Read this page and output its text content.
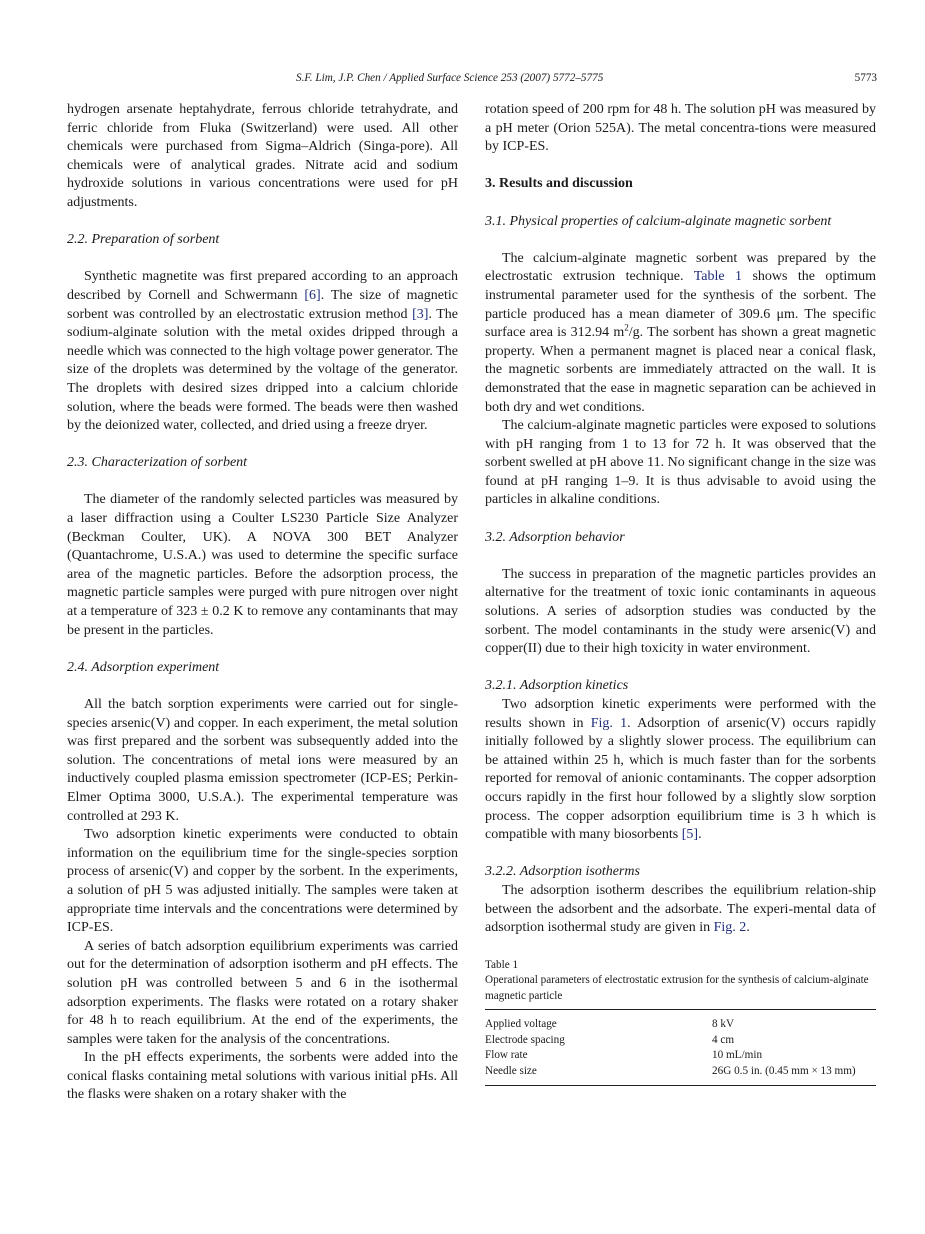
S.F. Lim, J.P. Chen / Applied Surface Science 253 (2007) 5772–5775	5773

hydrogen arsenate heptahydrate, ferrous chloride tetrahydrate, and ferric chloride from Fluka (Switzerland) were used. All other chemicals were purchased from Sigma–Aldrich (Singa-pore). All chemicals were of analytical grades. Nitrate acid and sodium hydroxide solutions in various concentrations were used for pH adjustments.

2.2. Preparation of sorbent

Synthetic magnetite was first prepared according to an approach described by Cornell and Schwermann [6]. The size of magnetic sorbent was controlled by an electrostatic extrusion method [3]. The sodium-alginate solution with the metal oxides dripped through a needle which was connected to the high voltage power generator. The size of the droplets was determined by the voltage of the generator. The droplets with desired sizes dripped into a calcium chloride solution, where the beads were formed. The beads were then washed by the deionized water, collected, and dried using a freeze dryer.

2.3. Characterization of sorbent

The diameter of the randomly selected particles was measured by a laser diffraction using a Coulter LS230 Particle Size Analyzer (Beckman Coulter, UK). A NOVA 300 BET Analyzer (Quantachrome, U.S.A.) was used to determine the specific surface area of the magnetic particles. Before the adsorption process, the magnetic particle samples were purged with pure nitrogen over night at a temperature of 323 ± 0.2 K to remove any contaminants that may be present in the particles.

2.4. Adsorption experiment

All the batch sorption experiments were carried out for single-species arsenic(V) and copper. In each experiment, the metal solution was first prepared and the sorbent was subsequently added into the solution. The concentrations of metal ions were measured by an inductively coupled plasma emission spectrometer (ICP-ES; Perkin-Elmer Optima 3000, U.S.A.). The experimental temperature was controlled at 293 K.

Two adsorption kinetic experiments were conducted to obtain information on the equilibrium time for the single-species sorption process of arsenic(V) and copper by the sorbent. In the experiments, a solution of pH 5 was adjusted initially. The samples were taken at appropriate time intervals and the concentrations were determined by ICP-ES.

A series of batch adsorption equilibrium experiments was carried out for the determination of adsorption isotherm and pH effects. The solution pH was controlled between 5 and 6 in the isothermal adsorption experiments. The flasks were rotated on a rotary shaker for 48 h to reach equilibrium. At the end of the experiments, the samples were taken for the analysis of the concentrations.

In the pH effects experiments, the sorbents were added into the conical flasks containing metal solutions with various initial pHs. All the flasks were shaken on a rotary shaker with the

rotation speed of 200 rpm for 48 h. The solution pH was measured by a pH meter (Orion 525A). The metal concentra-tions were measured by ICP-ES.

3. Results and discussion
3.1. Physical properties of calcium-alginate magnetic sorbent

The calcium-alginate magnetic sorbent was prepared by the electrostatic extrusion technique. Table 1 shows the optimum instrumental parameter used for the synthesis of the sorbent. The particle produced has a mean diameter of 309.6 μm. The specific surface area is 312.94 $m^2/g$. The sorbent has shown a great magnetic property. When a permanent magnet is placed near a conical flask, the magnetic sorbents are immediately attracted on the wall. It is demonstrated that the ease in magnetic separation can be achieved in both dry and wet conditions.

The calcium-alginate magnetic particles were exposed to solutions with pH ranging from 1 to 13 for 72 h. It was observed that the sorbent swelled at pH above 11. No significant change in the size was found at pH ranging 1–9. It is thus advisable to avoid using the particles in alkaline conditions.

3.2. Adsorption behavior

The success in preparation of the magnetic particles provides an alternative for the treatment of toxic ionic contaminants in aqueous solutions. A series of adsorption studies was conducted by the sorbent. The model contaminants in the study were arsenic(V) and copper(II) due to their high toxicity in water environment.

3.2.1. Adsorption kinetics

Two adsorption kinetic experiments were performed with the results shown in Fig. 1. Adsorption of arsenic(V) occurs rapidly initially followed by a slightly slower process. The equilibrium can be attained within 25 h, which is much faster than for the sorbents reported for removal of anionic contaminants. The copper adsorption occurs rapidly in the first hour followed by a slightly slow sorption process. The copper adsorption equilibrium time is 3 h which is compatible with many biosorbents [5].

3.2.2. Adsorption isotherms

The adsorption isotherm describes the equilibrium relation-ship between the adsorbent and the adsorbate. The experi-mental data of adsorption isothermal study are given in Fig. 2.

Table 1
Operational parameters of electrostatic extrusion for the synthesis of calcium-alginate magnetic particle
Applied voltage	8 kV
Electrode spacing	4 cm
Flow rate	10 mL/min
Needle size	26G 0.5 in. (0.45 mm × 13 mm)
